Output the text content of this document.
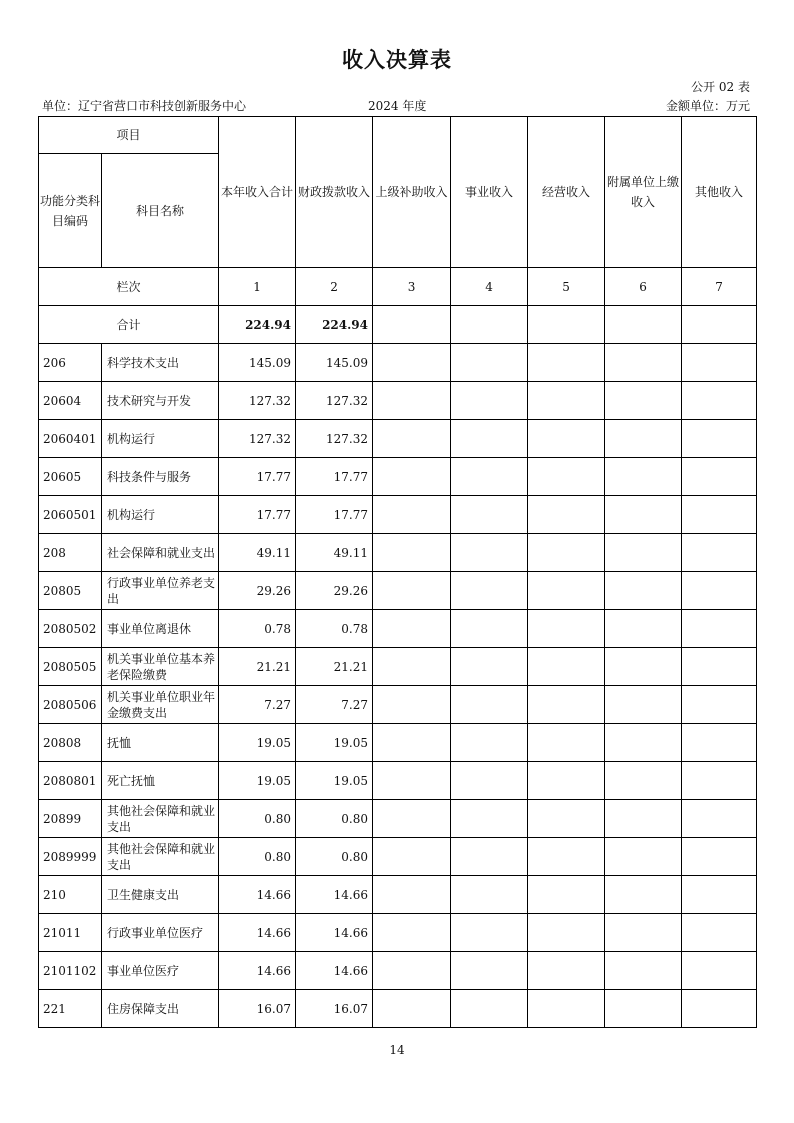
收入决算表
公开 02 表
单位：辽宁省营口市科技创新服务中心	2024 年度	金额单位：万元
项目		本年收入合计	财政拨款收入	上级补助收入	事业收入	经营收入	附属单位上缴收入	其他收入
功能分类科目编码	科目名称							
栏次		1	2	3	4	5	6	7
合计		224.94	224.94					
206	科学技术支出	145.09	145.09					
20604	技术研究与开发	127.32	127.32					
2060401	机构运行	127.32	127.32					
20605	科技条件与服务	17.77	17.77					
2060501	机构运行	17.77	17.77					
208	社会保障和就业支出	49.11	49.11					
20805	行政事业单位养老支出	29.26	29.26					
2080502	事业单位离退休	0.78	0.78					
2080505	机关事业单位基本养老保险缴费	21.21	21.21					
2080506	机关事业单位职业年金缴费支出	7.27	7.27					
20808	抚恤	19.05	19.05					
2080801	死亡抚恤	19.05	19.05					
20899	其他社会保障和就业支出	0.80	0.80					
2089999	其他社会保障和就业支出	0.80	0.80					
210	卫生健康支出	14.66	14.66					
21011	行政事业单位医疗	14.66	14.66					
2101102	事业单位医疗	14.66	14.66					
221	住房保障支出	16.07	16.07					
14
